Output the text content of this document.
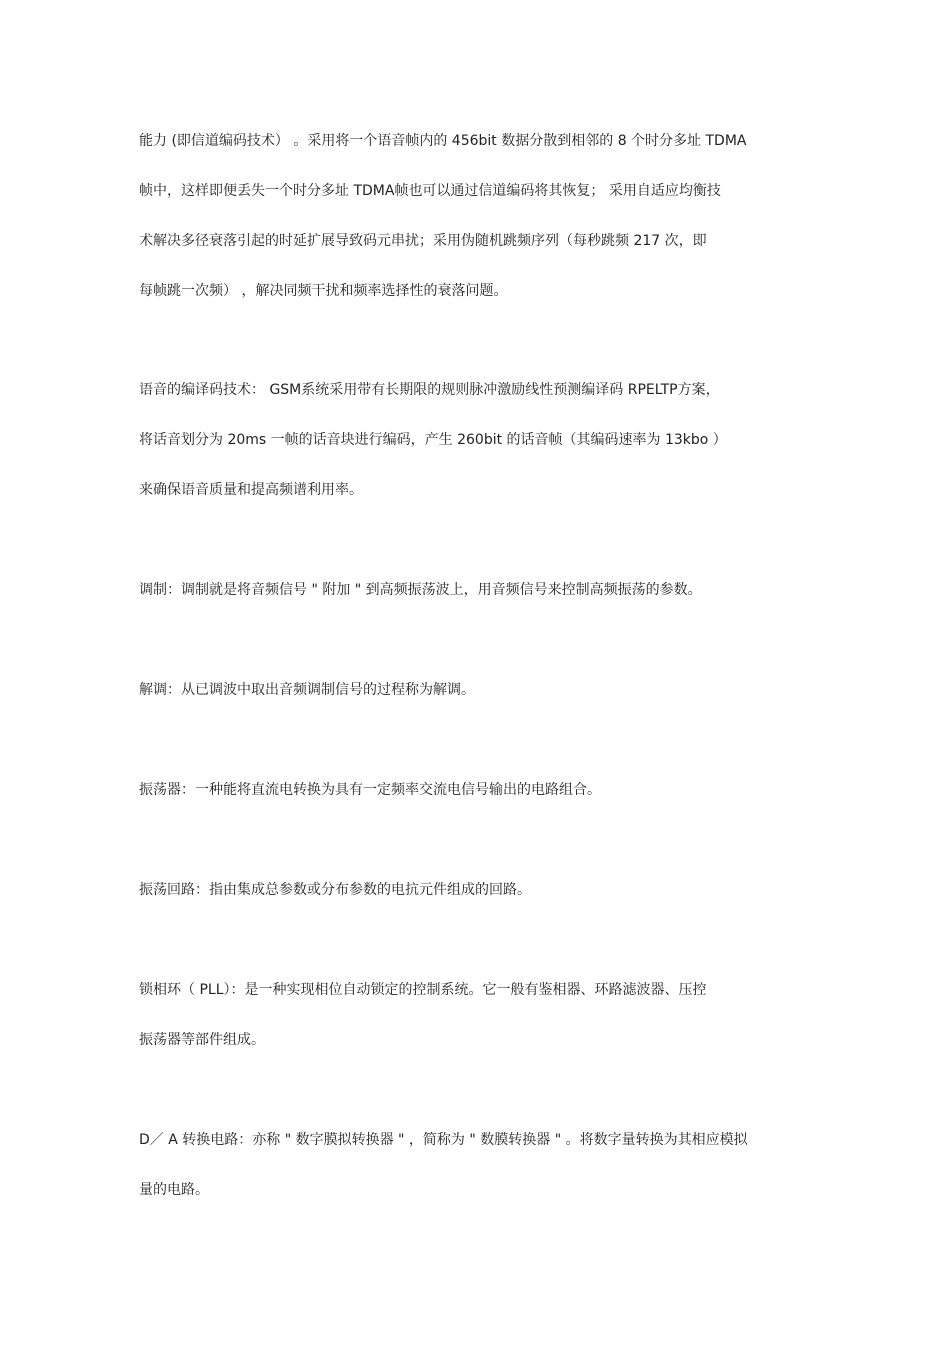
能力 (即信道编码技术） 。采用将一个语音帧内的 456bit 数据分散到相邻的 8 个时分多址 TDMA
帧中，这样即便丢失一个时分多址 TDMA帧也可以通过信道编码将其恢复； 采用自适应均衡技
术解决多径衰落引起的时延扩展导致码元串扰；采用伪随机跳频序列（每秒跳频 217 次，即
每帧跳一次频） ，解决同频干扰和频率选择性的衰落问题。
语音的编译码技术： GSM系统采用带有长期限的规则脉冲激励线性预测编译码 RPELTP方案，
将话音划分为 20ms 一帧的话音块进行编码，产生 260bit 的话音帧（其编码速率为 13kbo ）
来确保语音质量和提高频谱利用率。
调制：调制就是将音频信号 " 附加 " 到高频振荡波上，用音频信号来控制高频振荡的参数。
解调：从已调波中取出音频调制信号的过程称为解调。
振荡器：一种能将直流电转换为具有一定频率交流电信号输出的电路组合。
振荡回路：指由集成总参数或分布参数的电抗元件组成的回路。
锁相环（ PLL）：是一种实现相位自动锁定的控制系统。它一般有鉴相器、环路滤波器、压控
振荡器等部件组成。
D／ A 转换电路：亦称 " 数字膜拟转换器 " ，简称为 " 数膜转换器 " 。将数字量转换为其相应模拟
量的电路。
